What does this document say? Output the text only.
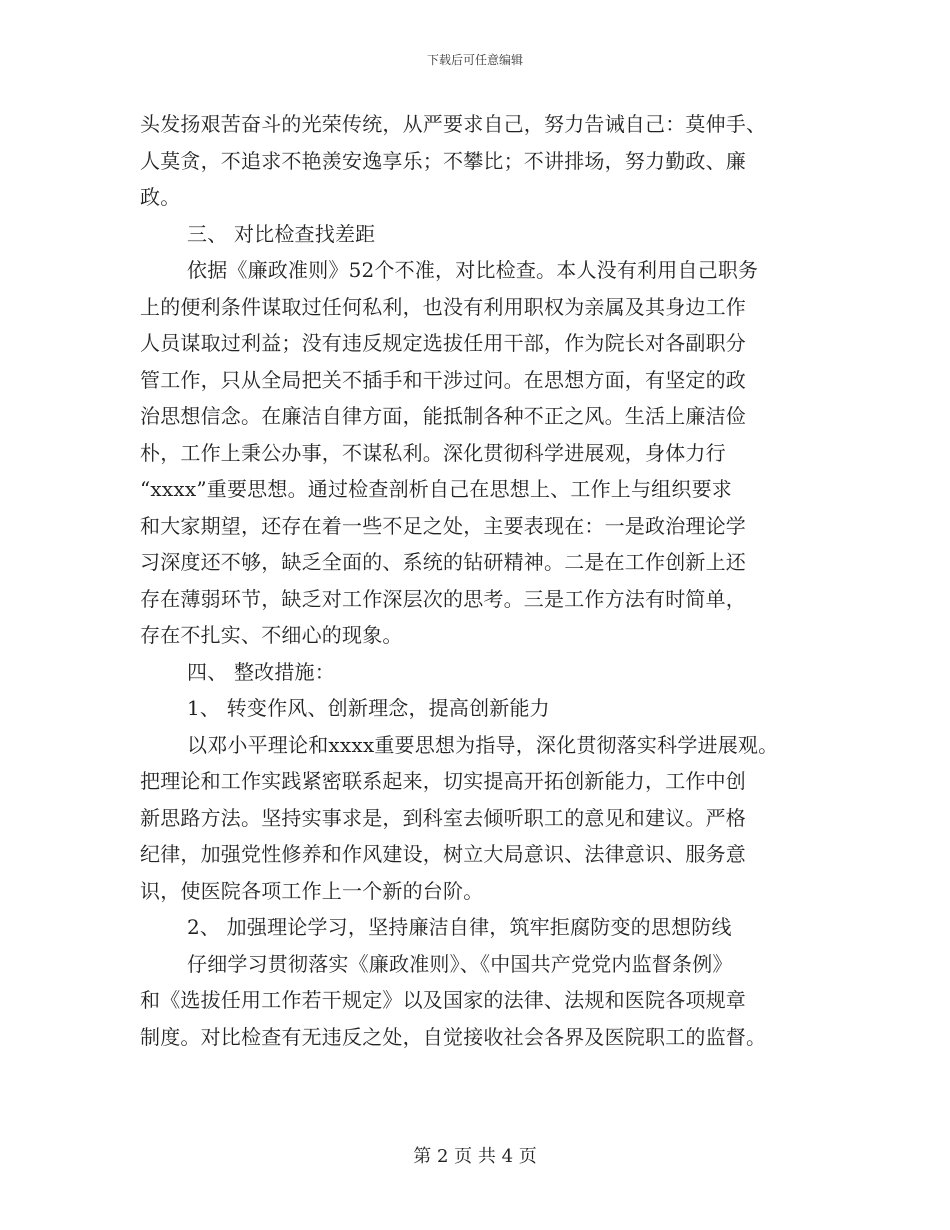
下载后可任意编辑
头发扬艰苦奋斗的光荣传统，从严要求自己，努力告诫自己：莫伸手、
人莫贪，不追求不艳羡安逸享乐；不攀比；不讲排场，努力勤政、廉
政。
三、 对比检查找差距
依据《廉政准则》52个不准，对比检查。本人没有利用自己职务
上的便利条件谋取过任何私利，也没有利用职权为亲属及其身边工作
人员谋取过利益；没有违反规定选拔任用干部，作为院长对各副职分
管工作，只从全局把关不插手和干涉过问。在思想方面，有坚定的政
治思想信念。在廉洁自律方面，能抵制各种不正之风。生活上廉洁俭
朴，工作上秉公办事，不谋私利。深化贯彻科学进展观，身体力行
“xxxx”重要思想。通过检查剖析自己在思想上、工作上与组织要求
和大家期望，还存在着一些不足之处，主要表现在：一是政治理论学
习深度还不够，缺乏全面的、系统的钻研精神。二是在工作创新上还
存在薄弱环节，缺乏对工作深层次的思考。三是工作方法有时简单，
存在不扎实、不细心的现象。
四、 整改措施：
1、 转变作风、创新理念，提高创新能力
以邓小平理论和xxxx重要思想为指导，深化贯彻落实科学进展观。
把理论和工作实践紧密联系起来，切实提高开拓创新能力，工作中创
新思路方法。坚持实事求是，到科室去倾听职工的意见和建议。严格
纪律，加强党性修养和作风建设，树立大局意识、法律意识、服务意
识，使医院各项工作上一个新的台阶。
2、 加强理论学习，坚持廉洁自律，筑牢拒腐防变的思想防线
仔细学习贯彻落实《廉政准则》、《中国共产党党内监督条例》
和《选拔任用工作若干规定》以及国家的法律、法规和医院各项规章
制度。对比检查有无违反之处，自觉接收社会各界及医院职工的监督。
第 2 页 共 4 页
